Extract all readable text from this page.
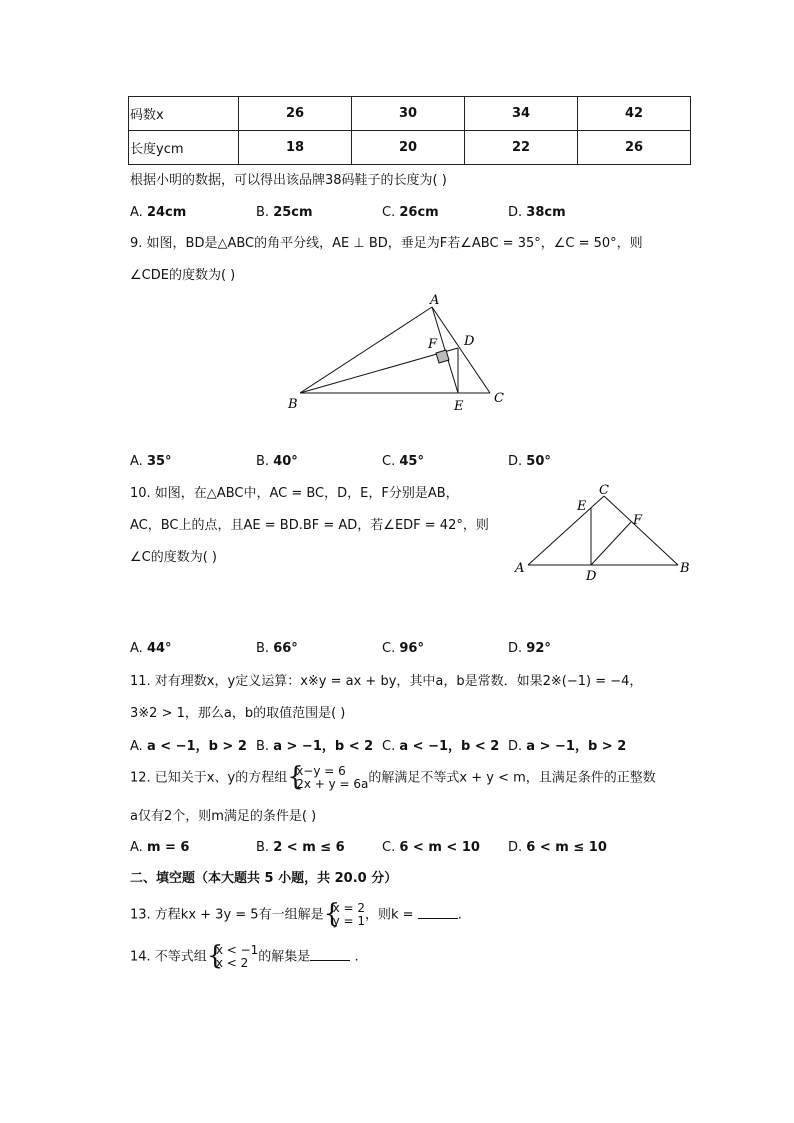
码数x	26	30	34	42
长度ycm	18	20	22	26
根据小明的数据，可以得出该品牌38码鞋子的长度为( )
A. 24cm	B. 25cm	C. 26cm	D. 38cm
9. 如图，BD是△ABC的角平分线，AE ⊥ BD，垂足为F若∠ABC = 35°，∠C = 50°，则
∠CDE的度数为( )
A
B	C
D
E
F
A. 35°	B. 40°	C. 45°	D. 50°
10. 如图，在△ABC中，AC = BC，D，E，F分别是AB，
AC，BC上的点，且AE = BD.BF = AD，若∠EDF = 42°，则
∠C的度数为( )
A	B
C
D
E
F
A. 44°	B. 66°	C. 96°	D. 92°
11. 对有理数x，y定义运算：x※y = ax + by，其中a，b是常数．如果2※(−1) = −4，
3※2 > 1，那么a，b的取值范围是( )
A. a < −1，b > 2 B. a > −1，b < 2 C. a < −1，b < 2 D. a > −1，b > 2
12. 已知关于x、y的方程组 {
x−y = 6
2x + y = 6a的解满足不等式x + y < m，且满足条件的正整数
a仅有2个，则m满足的条件是( )
A. m = 6	B. 2 < m ≤ 6	C. 6 < m < 10 D. 6 < m ≤ 10
二、填空题（本大题共 5 小题，共 20.0 分）
13. 方程kx + 3y = 5有一组解是 {
x = 2
y = 1，则k =	.
14. 不等式组 {
x < −1
x < 2 的解集是	.
